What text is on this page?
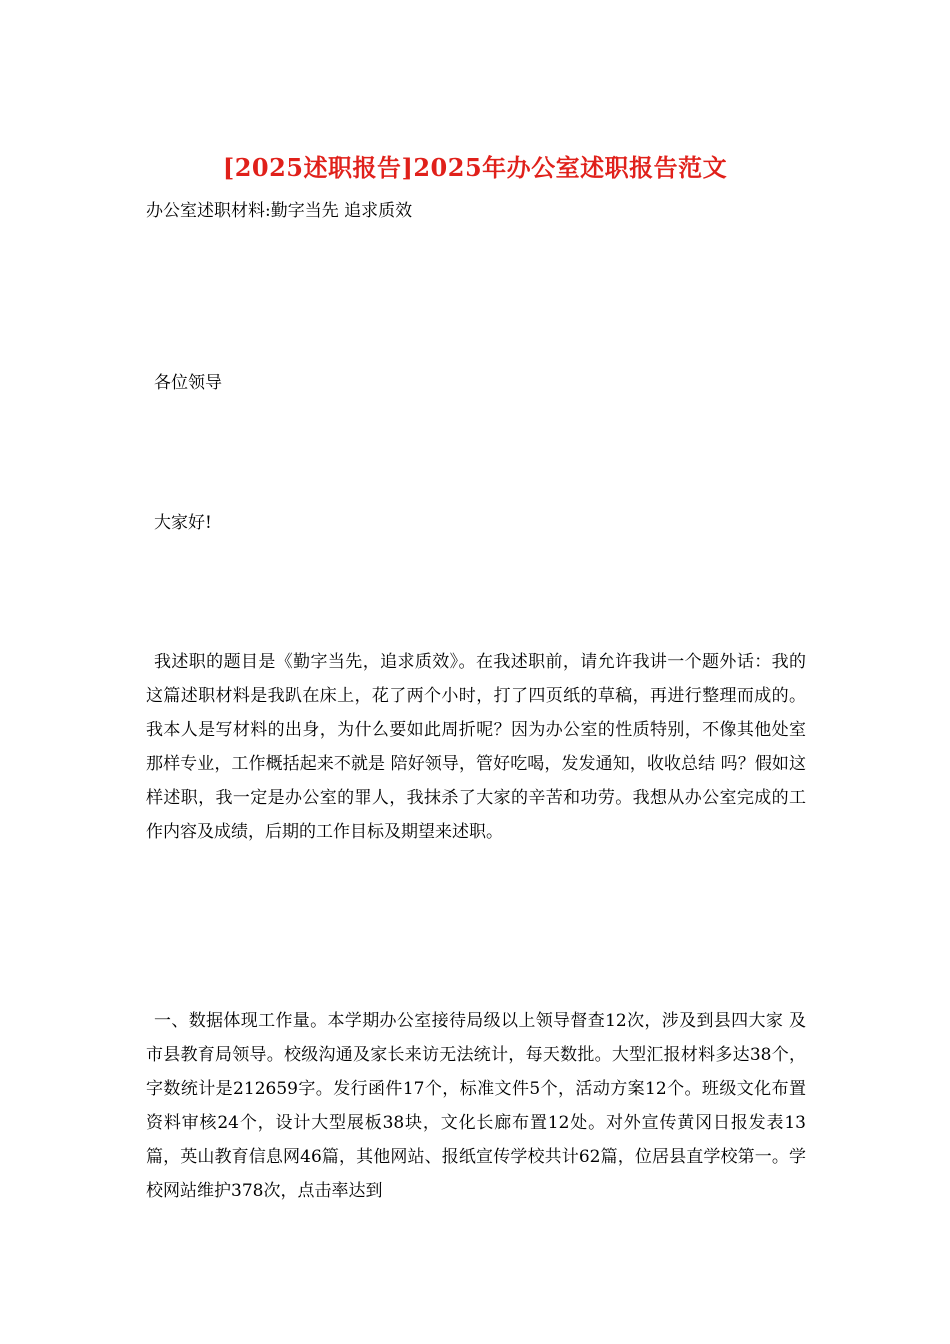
[2025述职报告]2025年办公室述职报告范文

办公室述职材料:勤字当先 追求质效

各位领导

大家好!

我述职的题目是《勤字当先，追求质效》。在我述职前，请允许我讲一个题外话：我的这篇述职材料是我趴在床上，花了两个小时，打了四页纸的草稿，再进行整理而成的。我本人是写材料的出身，为什么要如此周折呢？因为办公室的性质特别，不像其他处室那样专业，工作概括起来不就是 陪好领导，管好吃喝，发发通知，收收总结 吗？假如这样述职，我一定是办公室的罪人，我抹杀了大家的辛苦和功劳。我想从办公室完成的工作内容及成绩，后期的工作目标及期望来述职。

一、数据体现工作量。本学期办公室接待局级以上领导督查12次，涉及到县四大家 及市县教育局领导。校级沟通及家长来访无法统计，每天数批。大型汇报材料多达38个，字数统计是212659字。发行函件17个，标准文件5个，活动方案12个。班级文化布置资料审核24个，设计大型展板38块，文化长廊布置12处。对外宣传黄冈日报发表13篇，英山教育信息网46篇，其他网站、报纸宣传学校共计62篇，位居县直学校第一。学校网站维护378次，点击率达到
